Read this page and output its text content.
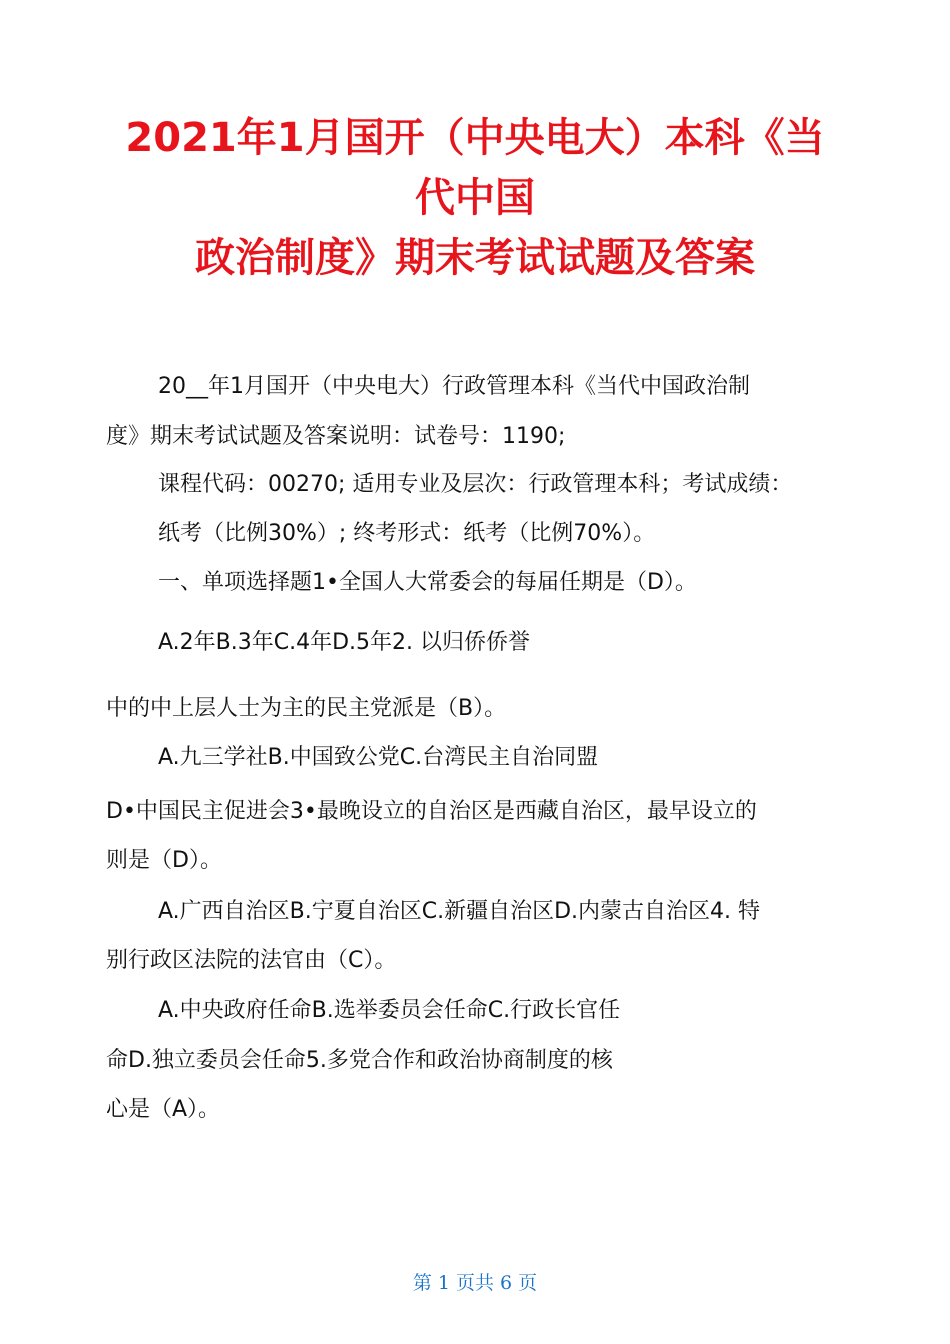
2021年1月国开（中央电大）本科《当
代中国
政治制度》期末考试试题及答案
20__年1月国开（中央电大）行政管理本科《当代中国政治制
度》期末考试试题及答案说明：试卷号：1190;
课程代码：00270; 适用专业及层次：行政管理本科；考试成绩：
纸考（比例30%）; 终考形式：纸考（比例70%）。
一、单项选择题1•全国人大常委会的每届任期是（D）。
A.2年B.3年C.4年D.5年2. 以归侨侨誉
中的中上层人士为主的民主党派是（B）。
A.九三学社B.中国致公党C.台湾民主自治同盟
D•中国民主促进会3•最晚设立的自治区是西藏自治区，最早设立的
则是（D）。
A.广西自治区B.宁夏自治区C.新疆自治区D.内蒙古自治区4. 特
别行政区法院的法官由（C）。
A.中央政府任命B.选举委员会任命C.行政长官任
命D.独立委员会任命5.多党合作和政治协商制度的核
心是（A）。
第 1 页共 6 页
